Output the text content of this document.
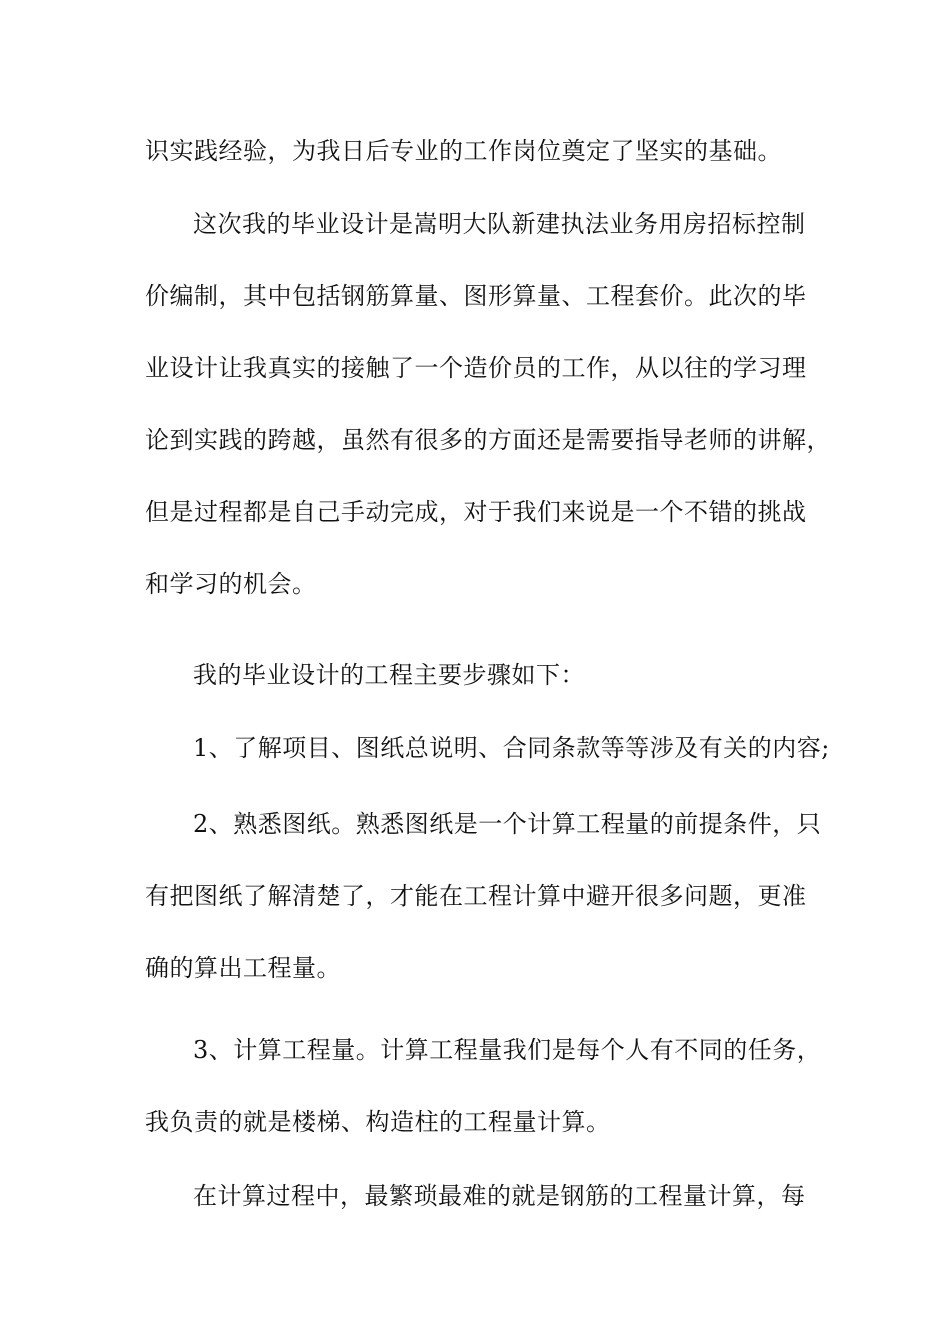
识实践经验，为我日后专业的工作岗位奠定了坚实的基础。
这次我的毕业设计是嵩明大队新建执法业务用房招标控制
价编制，其中包括钢筋算量、图形算量、工程套价。此次的毕
业设计让我真实的接触了一个造价员的工作，从以往的学习理
论到实践的跨越，虽然有很多的方面还是需要指导老师的讲解，
但是过程都是自己手动完成，对于我们来说是一个不错的挑战
和学习的机会。
我的毕业设计的工程主要步骤如下：
1、了解项目、图纸总说明、合同条款等等涉及有关的内容;
2、熟悉图纸。熟悉图纸是一个计算工程量的前提条件，只
有把图纸了解清楚了，才能在工程计算中避开很多问题，更准
确的算出工程量。
3、计算工程量。计算工程量我们是每个人有不同的任务，
我负责的就是楼梯、构造柱的工程量计算。
在计算过程中，最繁琐最难的就是钢筋的工程量计算，每
